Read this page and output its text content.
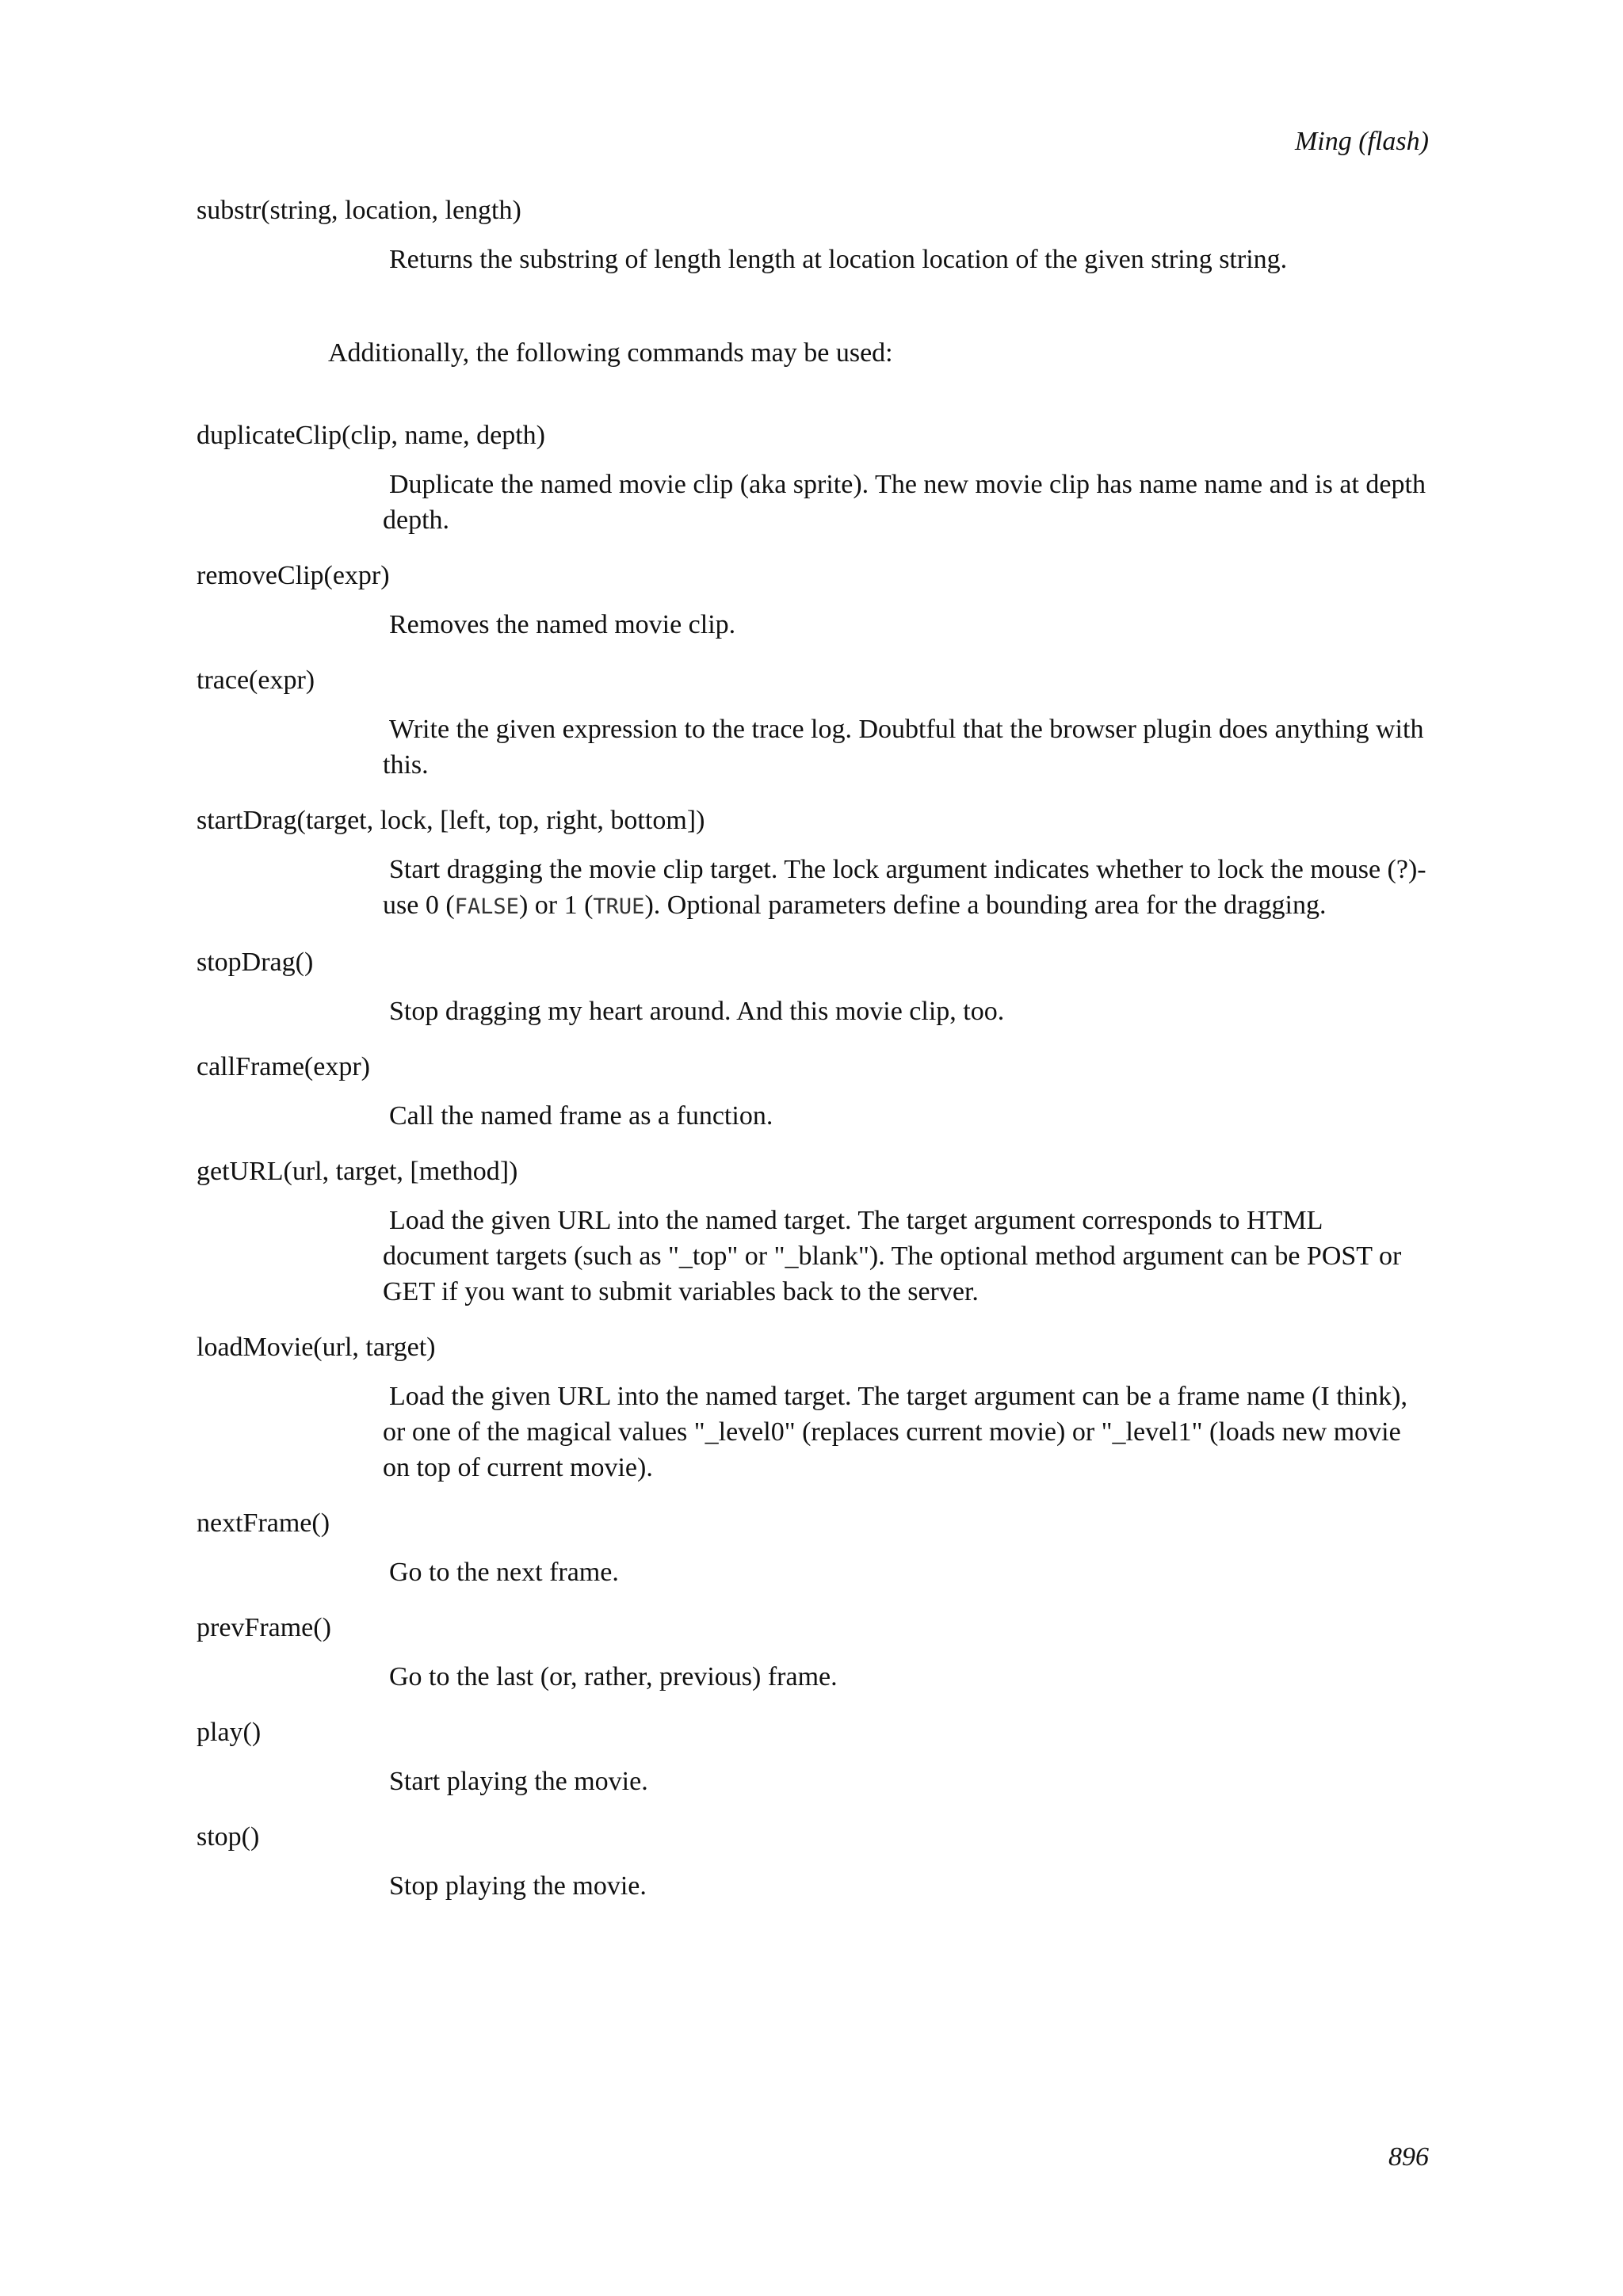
Ming (flash)

substr(string, location, length)

Returns the substring of length length at location location of the given string string.

Additionally, the following commands may be used:

duplicateClip(clip, name, depth)

Duplicate the named movie clip (aka sprite). The new movie clip has name name and is at depth depth.

removeClip(expr)

Removes the named movie clip.

trace(expr)

Write the given expression to the trace log. Doubtful that the browser plugin does anything with this.

startDrag(target, lock, [left, top, right, bottom])

Start dragging the movie clip target. The lock argument indicates whether to lock the mouse (?)- use 0 (FALSE) or 1 (TRUE). Optional parameters define a bounding area for the dragging.

stopDrag()

Stop dragging my heart around. And this movie clip, too.

callFrame(expr)

Call the named frame as a function.

getURL(url, target, [method])

Load the given URL into the named target. The target argument corresponds to HTML document targets (such as "_top" or "_blank"). The optional method argument can be POST or GET if you want to submit variables back to the server.

loadMovie(url, target)

Load the given URL into the named target. The target argument can be a frame name (I think), or one of the magical values "_level0" (replaces current movie) or "_level1" (loads new movie on top of current movie).

nextFrame()

Go to the next frame.

prevFrame()

Go to the last (or, rather, previous) frame.

play()

Start playing the movie.

stop()

Stop playing the movie.

896
